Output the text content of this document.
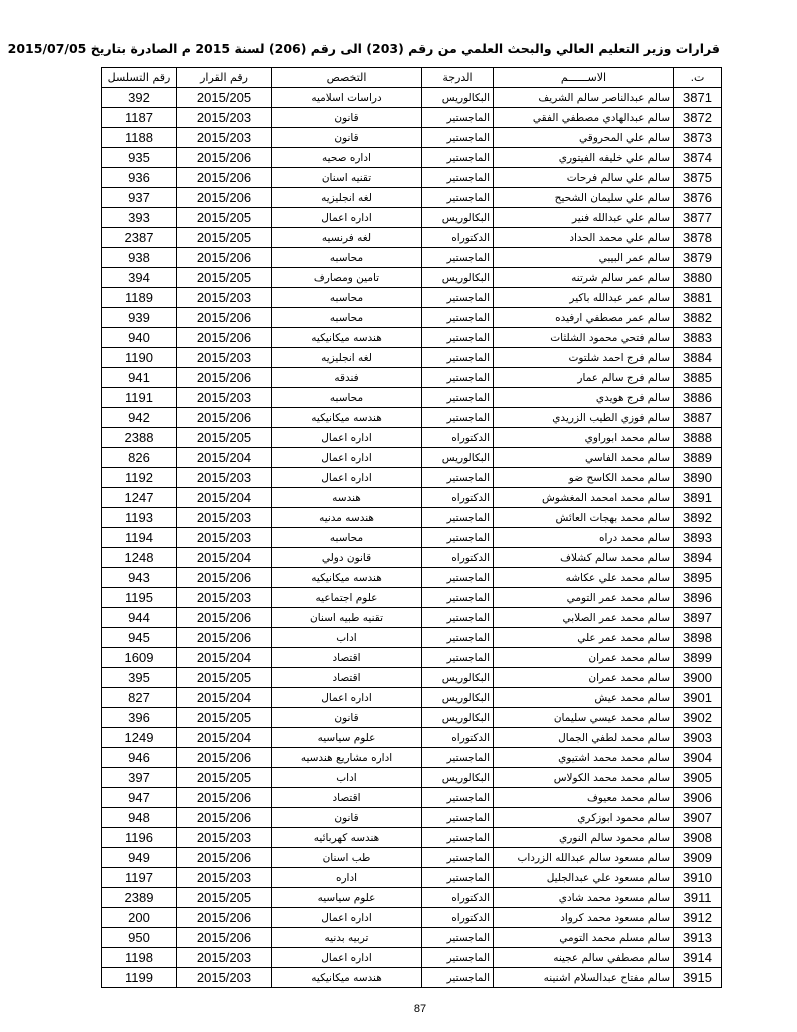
قرارات وزير التعليم العالي والبحث العلمي من رقم (203) الى رقم (206) لسنة 2015 م الصادرة بتاريخ 2015/07/05
ت.	الاســــــم	الدرجة	التخصص	رقم القرار	رقم التسلسل
3871	سالم عبدالناصر سالم الشريف	البكالوريس	دراسات اسلاميه	2015/205	392
3872	سالم عبدالهادي مصطفي الفقي	الماجستير	قانون	2015/203	1187
3873	سالم علي المحروقي	الماجستير	قانون	2015/203	1188
3874	سالم علي خليفه الفيتوري	الماجستير	اداره صحيه	2015/206	935
3875	سالم علي سالم فرحات	الماجستير	تقنيه اسنان	2015/206	936
3876	سالم علي سليمان الشحيح	الماجستير	لغه انجليزيه	2015/206	937
3877	سالم علي عبدالله فنير	البكالوريس	اداره اعمال	2015/205	393
3878	سالم علي محمد الحداد	الدكتوراه	لغه فرنسيه	2015/205	2387
3879	سالم عمر البيبي	الماجستير	محاسبه	2015/206	938
3880	سالم عمر سالم شرتنه	البكالوريس	تامين ومصارف	2015/205	394
3881	سالم عمر عبدالله باكير	الماجستير	محاسبه	2015/203	1189
3882	سالم عمر مصطفي ارفيده	الماجستير	محاسبه	2015/206	939
3883	سالم فتحي محمود الشلثات	الماجستير	هندسه ميكانيكيه	2015/206	940
3884	سالم فرج احمد شلتوت	الماجستير	لغه انجليزيه	2015/203	1190
3885	سالم فرج سالم عمار	الماجستير	فندقه	2015/206	941
3886	سالم فرج هويدي	الماجستير	محاسبه	2015/203	1191
3887	سالم فوزي الطيب الزريدي	الماجستير	هندسه ميكانيكيه	2015/206	942
3888	سالم محمد ابوراوي	الدكتوراه	اداره اعمال	2015/205	2388
3889	سالم محمد الفاسي	البكالوريس	اداره اعمال	2015/204	826
3890	سالم محمد الكاسح ضو	الماجستير	اداره اعمال	2015/203	1192
3891	سالم محمد امحمد المغشوش	الدكتوراه	هندسه	2015/204	1247
3892	سالم محمد بهجات العائش	الماجستير	هندسه مدنيه	2015/203	1193
3893	سالم محمد دراه	الماجستير	محاسبه	2015/203	1194
3894	سالم محمد سالم كشلاف	الدكتوراه	قانون دولي	2015/204	1248
3895	سالم محمد علي عكاشه	الماجستير	هندسه ميكانيكيه	2015/206	943
3896	سالم محمد عمر التومي	الماجستير	علوم اجتماعيه	2015/203	1195
3897	سالم محمد عمر الصلابي	الماجستير	تقنيه طبيه اسنان	2015/206	944
3898	سالم محمد عمر علي	الماجستير	اداب	2015/206	945
3899	سالم محمد عمران	الماجستير	اقتصاد	2015/204	1609
3900	سالم محمد عمران	البكالوريس	اقتصاد	2015/205	395
3901	سالم محمد عيش	البكالوريس	اداره اعمال	2015/204	827
3902	سالم محمد عيسي سليمان	البكالوريس	قانون	2015/205	396
3903	سالم محمد لطفي الجمال	الدكتوراه	علوم سياسيه	2015/204	1249
3904	سالم محمد محمد اشتيوي	الماجستير	اداره مشاريع هندسيه	2015/206	946
3905	سالم محمد محمد الكولاس	البكالوريس	اداب	2015/205	397
3906	سالم محمد معيوف	الماجستير	اقتصاد	2015/206	947
3907	سالم محمود ابوزكري	الماجستير	قانون	2015/206	948
3908	سالم محمود سالم النوري	الماجستير	هندسه كهربائيه	2015/203	1196
3909	سالم مسعود سالم عبدالله الزرداب	الماجستير	طب اسنان	2015/206	949
3910	سالم مسعود علي عبدالجليل	الماجستير	اداره	2015/203	1197
3911	سالم مسعود محمد شادي	الدكتوراه	علوم سياسيه	2015/205	2389
3912	سالم مسعود محمد كرواد	الدكتوراه	اداره اعمال	2015/206	200
3913	سالم مسلم محمد التومي	الماجستير	تربيه بدنيه	2015/206	950
3914	سالم مصطفي سالم عجينه	الماجستير	اداره اعمال	2015/203	1198
3915	سالم مفتاح عبدالسلام اشنينه	الماجستير	هندسه ميكانيكيه	2015/203	1199
87
